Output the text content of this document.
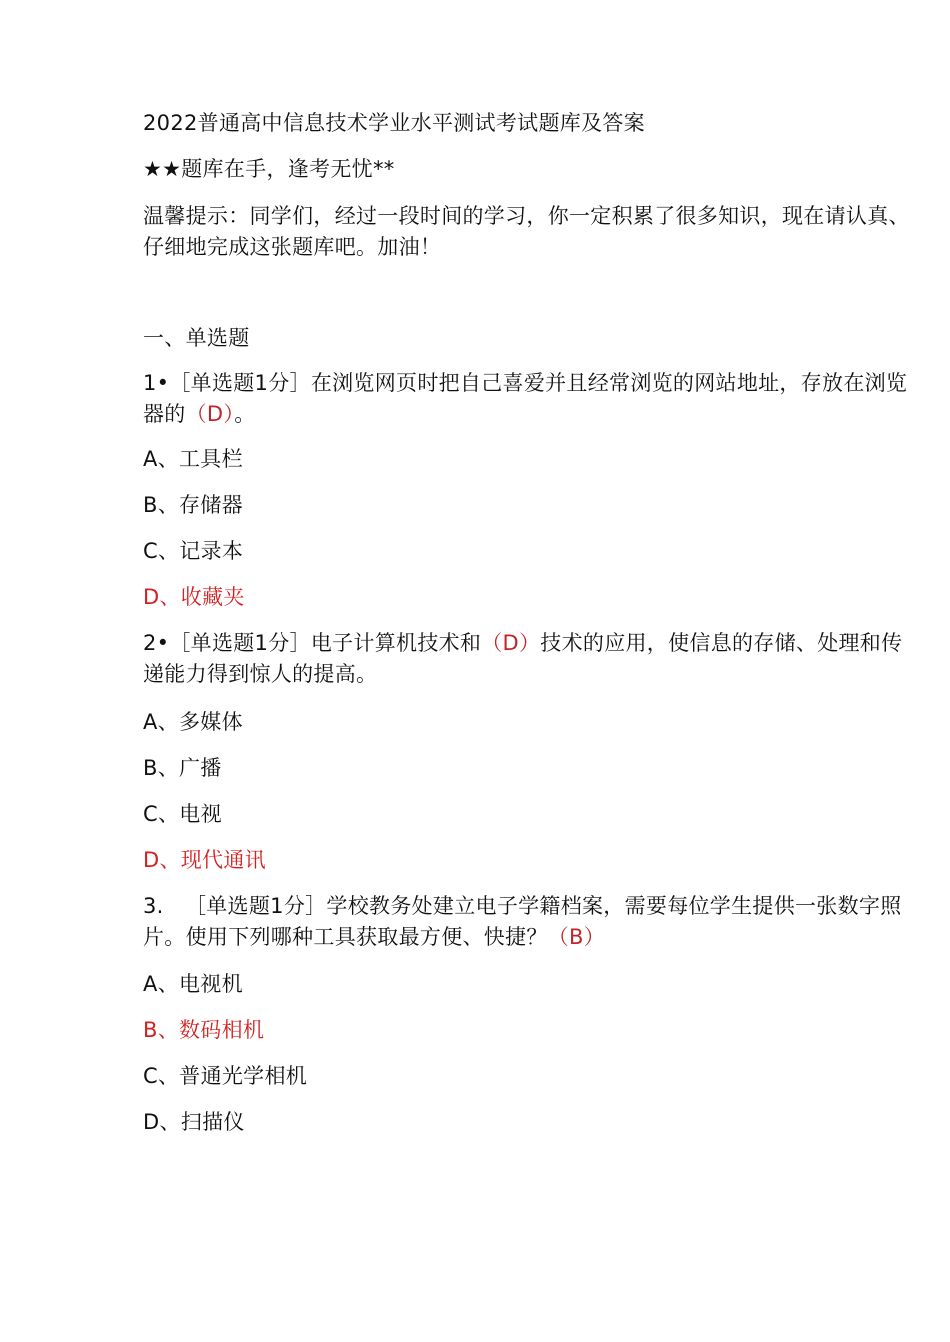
2022普通高中信息技术学业水平测试考试题库及答案
★★题库在手，逢考无忧**
温馨提示：同学们，经过一段时间的学习，你一定积累了很多知识，现在请认真、仔细地完成这张题库吧。加油！
一、单选题
1•［单选题1分］在浏览网页时把自己喜爱并且经常浏览的网站地址，存放在浏览器的（D）。
A、工具栏
B、存储器
C、记录本
D、收藏夹
2•［单选题1分］电子计算机技术和（D）技术的应用，使信息的存储、处理和传递能力得到惊人的提高。
A、多媒体
B、广播
C、电视
D、现代通讯
3.  ［单选题1分］学校教务处建立电子学籍档案，需要每位学生提供一张数字照片。使用下列哪种工具获取最方便、快捷？（B）
A、电视机
B、数码相机
C、普通光学相机
D、扫描仪
